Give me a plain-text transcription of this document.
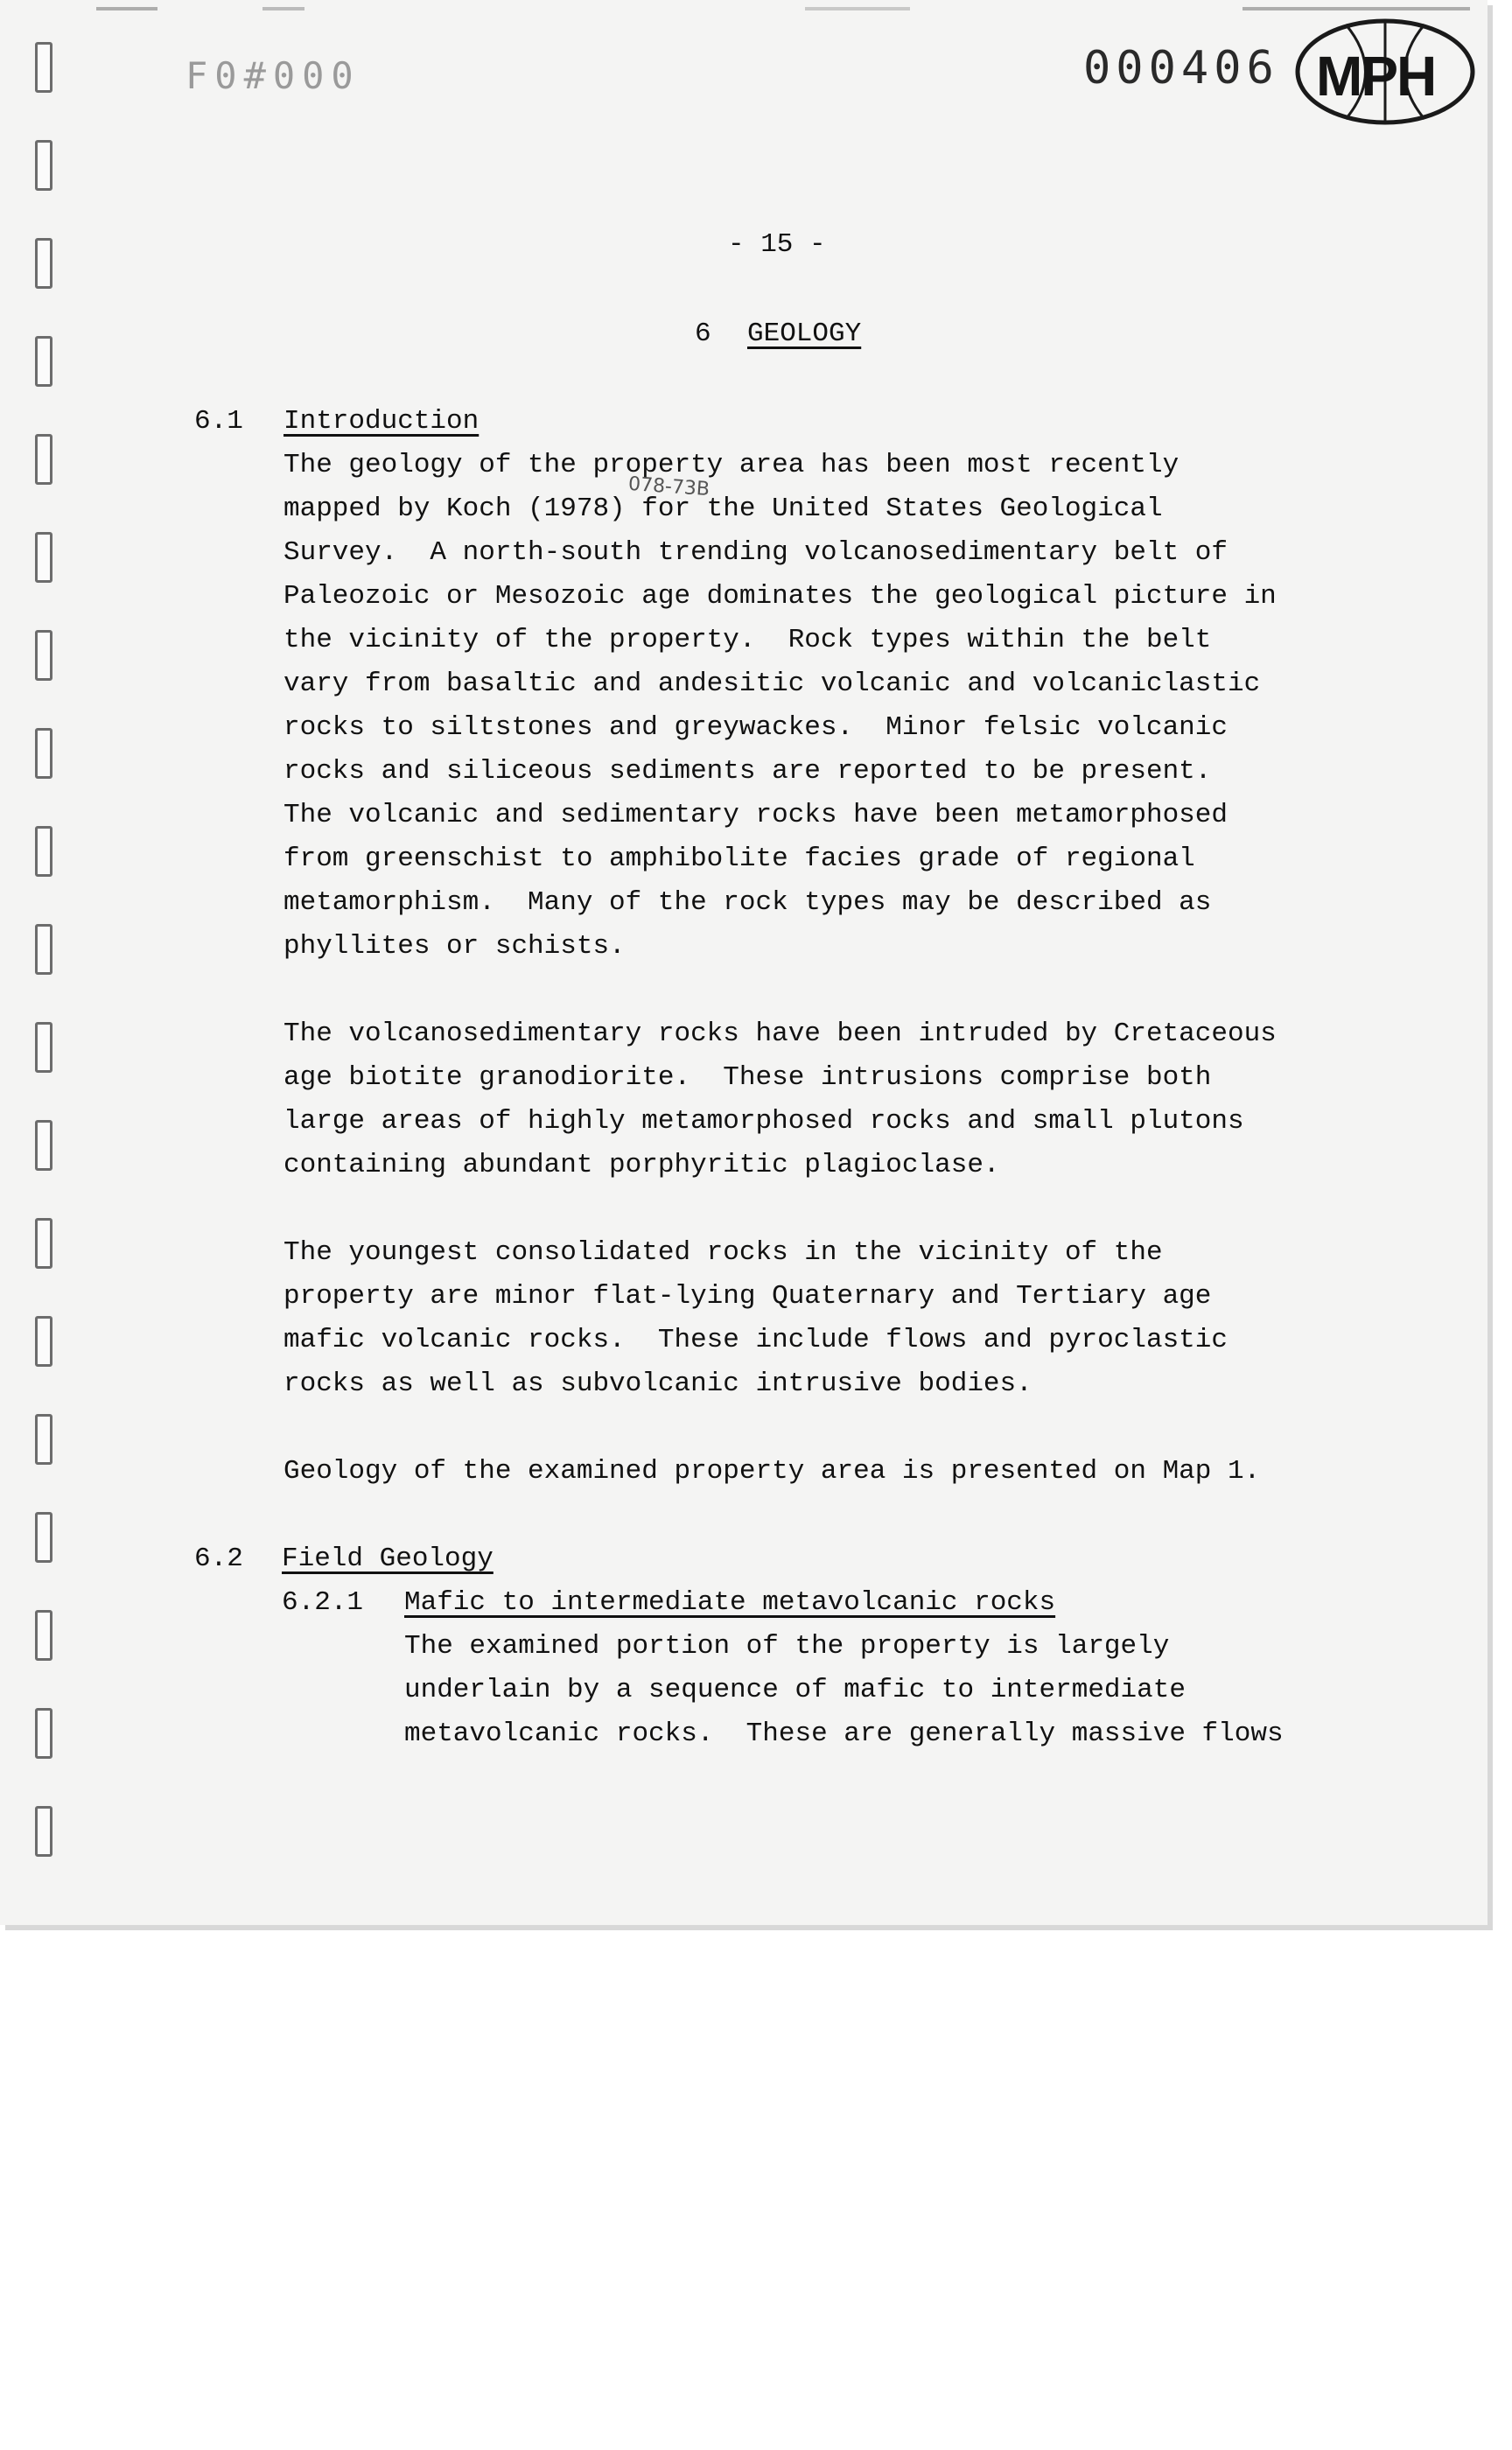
F0#000	000406 MPH
- 15 -
6 GEOLOGY
6.1 Introduction
The geology of the property area has been most recently
078-73B
mapped by Koch (1978) for the United States Geological
Survey.  A north-south trending volcanosedimentary belt of
Paleozoic or Mesozoic age dominates the geological picture in
the vicinity of the property.  Rock types within the belt
vary from basaltic and andesitic volcanic and volcaniclastic
rocks to siltstones and greywackes.  Minor felsic volcanic
rocks and siliceous sediments are reported to be present.
The volcanic and sedimentary rocks have been metamorphosed
from greenschist to amphibolite facies grade of regional
metamorphism.  Many of the rock types may be described as
phyllites or schists.
The volcanosedimentary rocks have been intruded by Cretaceous
age biotite granodiorite.  These intrusions comprise both
large areas of highly metamorphosed rocks and small plutons
containing abundant porphyritic plagioclase.
The youngest consolidated rocks in the vicinity of the
property are minor flat-lying Quaternary and Tertiary age
mafic volcanic rocks.  These include flows and pyroclastic
rocks as well as subvolcanic intrusive bodies.
Geology of the examined property area is presented on Map 1.
6.2 Field Geology
6.2.1 Mafic to intermediate metavolcanic rocks
The examined portion of the property is largely
underlain by a sequence of mafic to intermediate
metavolcanic rocks.  These are generally massive flows
